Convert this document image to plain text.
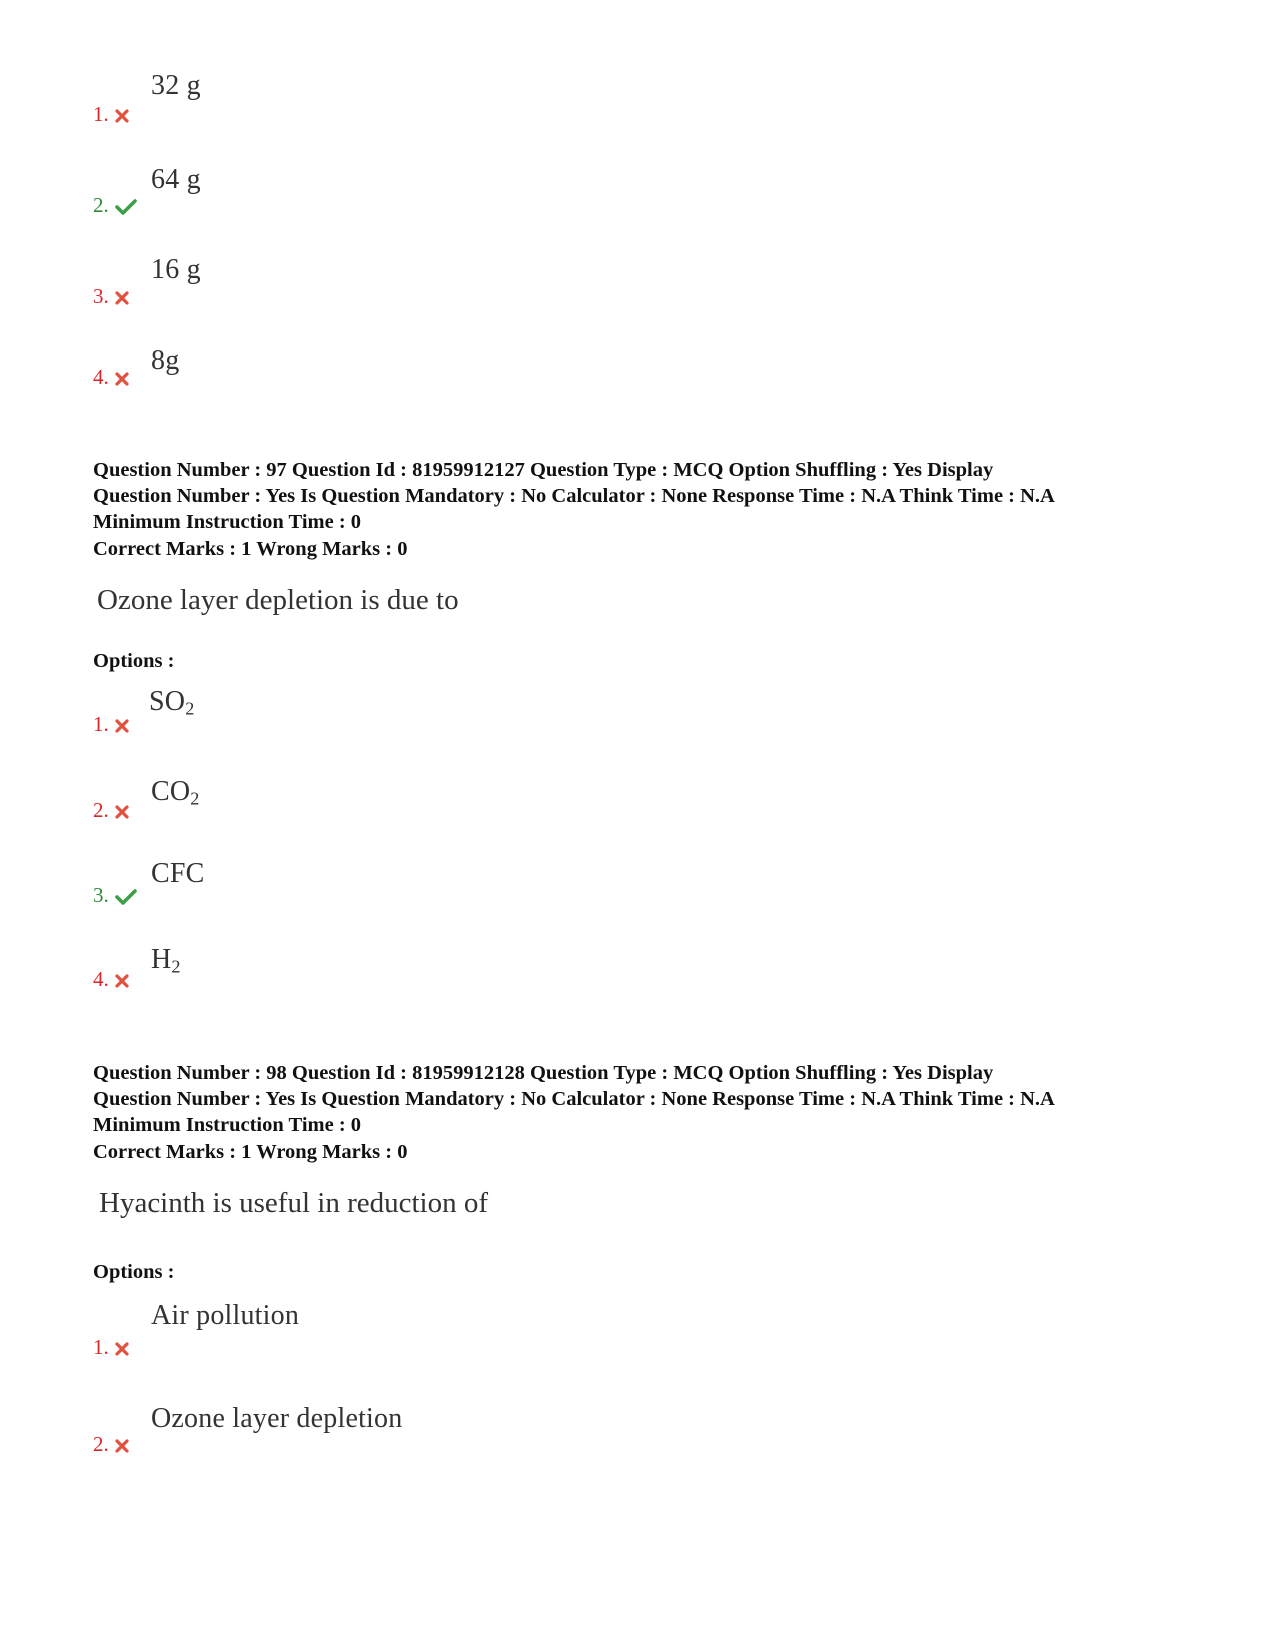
32 g
1.
64 g
2.
16 g
3.
8g
4.
Question Number : 97 Question Id : 81959912127 Question Type : MCQ Option Shuffling : Yes Display
Question Number : Yes Is Question Mandatory : No Calculator : None Response Time : N.A Think Time : N.A
Minimum Instruction Time : 0
Correct Marks : 1 Wrong Marks : 0
Ozone layer depletion is due to
Options :
$SO_2$
1.
$CO_2$
2.
CFC
3.
$H_2$
4.
Question Number : 98 Question Id : 81959912128 Question Type : MCQ Option Shuffling : Yes Display
Question Number : Yes Is Question Mandatory : No Calculator : None Response Time : N.A Think Time : N.A
Minimum Instruction Time : 0
Correct Marks : 1 Wrong Marks : 0
Hyacinth is useful in reduction of
Options :
Air pollution
1.
Ozone layer depletion
2.
